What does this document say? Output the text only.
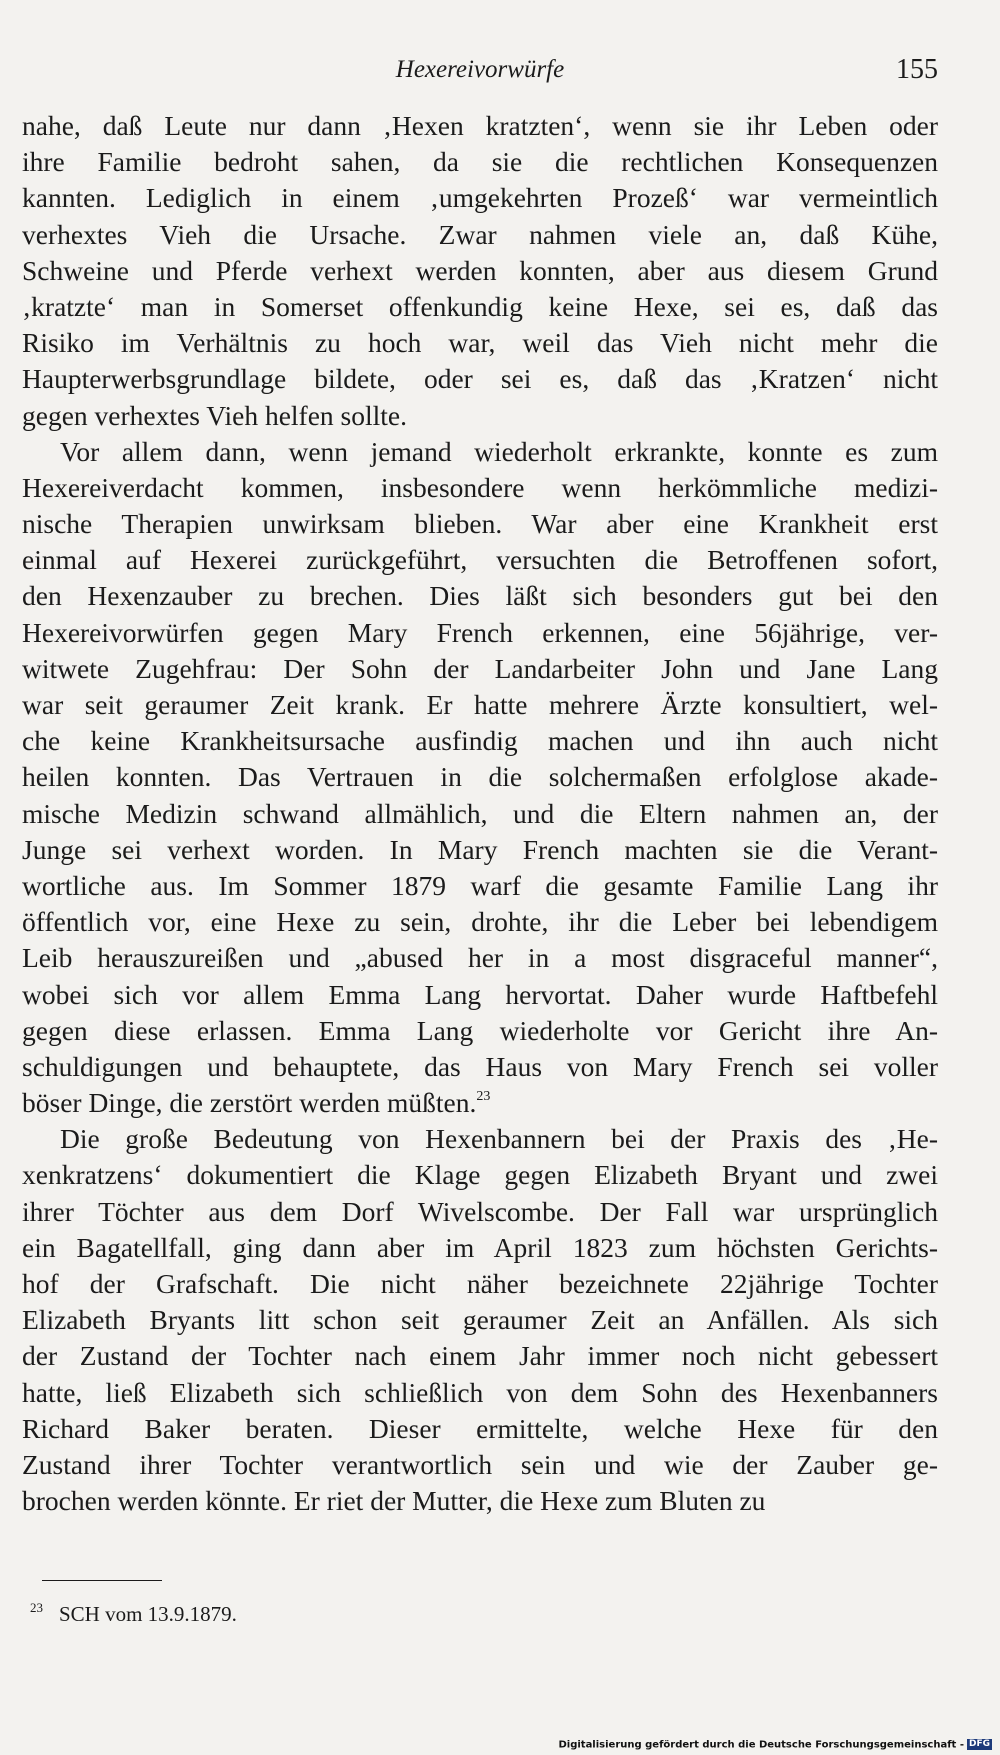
Hexereivorwürfe	155
nahe, daß Leute nur dann ‚Hexen kratzten‘, wenn sie ihr Leben oder
ihre Familie bedroht sahen, da sie die rechtlichen Konsequenzen
kannten. Lediglich in einem ‚umgekehrten Prozeß‘ war vermeintlich
verhextes Vieh die Ursache. Zwar nahmen viele an, daß Kühe,
Schweine und Pferde verhext werden konnten, aber aus diesem Grund
‚kratzte‘ man in Somerset offenkundig keine Hexe, sei es, daß das
Risiko im Verhältnis zu hoch war, weil das Vieh nicht mehr die
Haupterwerbsgrundlage bildete, oder sei es, daß das ‚Kratzen‘ nicht
gegen verhextes Vieh helfen sollte.
Vor allem dann, wenn jemand wiederholt erkrankte, konnte es zum
Hexereiverdacht kommen, insbesondere wenn herkömmliche medizi-
nische Therapien unwirksam blieben. War aber eine Krankheit erst
einmal auf Hexerei zurückgeführt, versuchten die Betroffenen sofort,
den Hexenzauber zu brechen. Dies läßt sich besonders gut bei den
Hexereivorwürfen gegen Mary French erkennen, eine 56jährige, ver-
witwete Zugehfrau: Der Sohn der Landarbeiter John und Jane Lang
war seit geraumer Zeit krank. Er hatte mehrere Ärzte konsultiert, wel-
che keine Krankheitsursache ausfindig machen und ihn auch nicht
heilen konnten. Das Vertrauen in die solchermaßen erfolglose akade-
mische Medizin schwand allmählich, und die Eltern nahmen an, der
Junge sei verhext worden. In Mary French machten sie die Verant-
wortliche aus. Im Sommer 1879 warf die gesamte Familie Lang ihr
öffentlich vor, eine Hexe zu sein, drohte, ihr die Leber bei lebendigem
Leib herauszureißen und „abused her in a most disgraceful manner“,
wobei sich vor allem Emma Lang hervortat. Daher wurde Haftbefehl
gegen diese erlassen. Emma Lang wiederholte vor Gericht ihre An-
schuldigungen und behauptete, das Haus von Mary French sei voller
böser Dinge, die zerstört werden müßten.$^{23}$
Die große Bedeutung von Hexenbannern bei der Praxis des ‚He-
xenkratzens‘ dokumentiert die Klage gegen Elizabeth Bryant und zwei
ihrer Töchter aus dem Dorf Wivelscombe. Der Fall war ursprünglich
ein Bagatellfall, ging dann aber im April 1823 zum höchsten Gerichts-
hof der Grafschaft. Die nicht näher bezeichnete 22jährige Tochter
Elizabeth Bryants litt schon seit geraumer Zeit an Anfällen. Als sich
der Zustand der Tochter nach einem Jahr immer noch nicht gebessert
hatte, ließ Elizabeth sich schließlich von dem Sohn des Hexenbanners
Richard Baker beraten. Dieser ermittelte, welche Hexe für den
Zustand ihrer Tochter verantwortlich sein und wie der Zauber ge-
brochen werden könnte. Er riet der Mutter, die Hexe zum Bluten zu
$^{23}$ SCH vom 13.9.1879.
Digitalisierung gefördert durch die Deutsche Forschungsgemeinschaft - DFG
